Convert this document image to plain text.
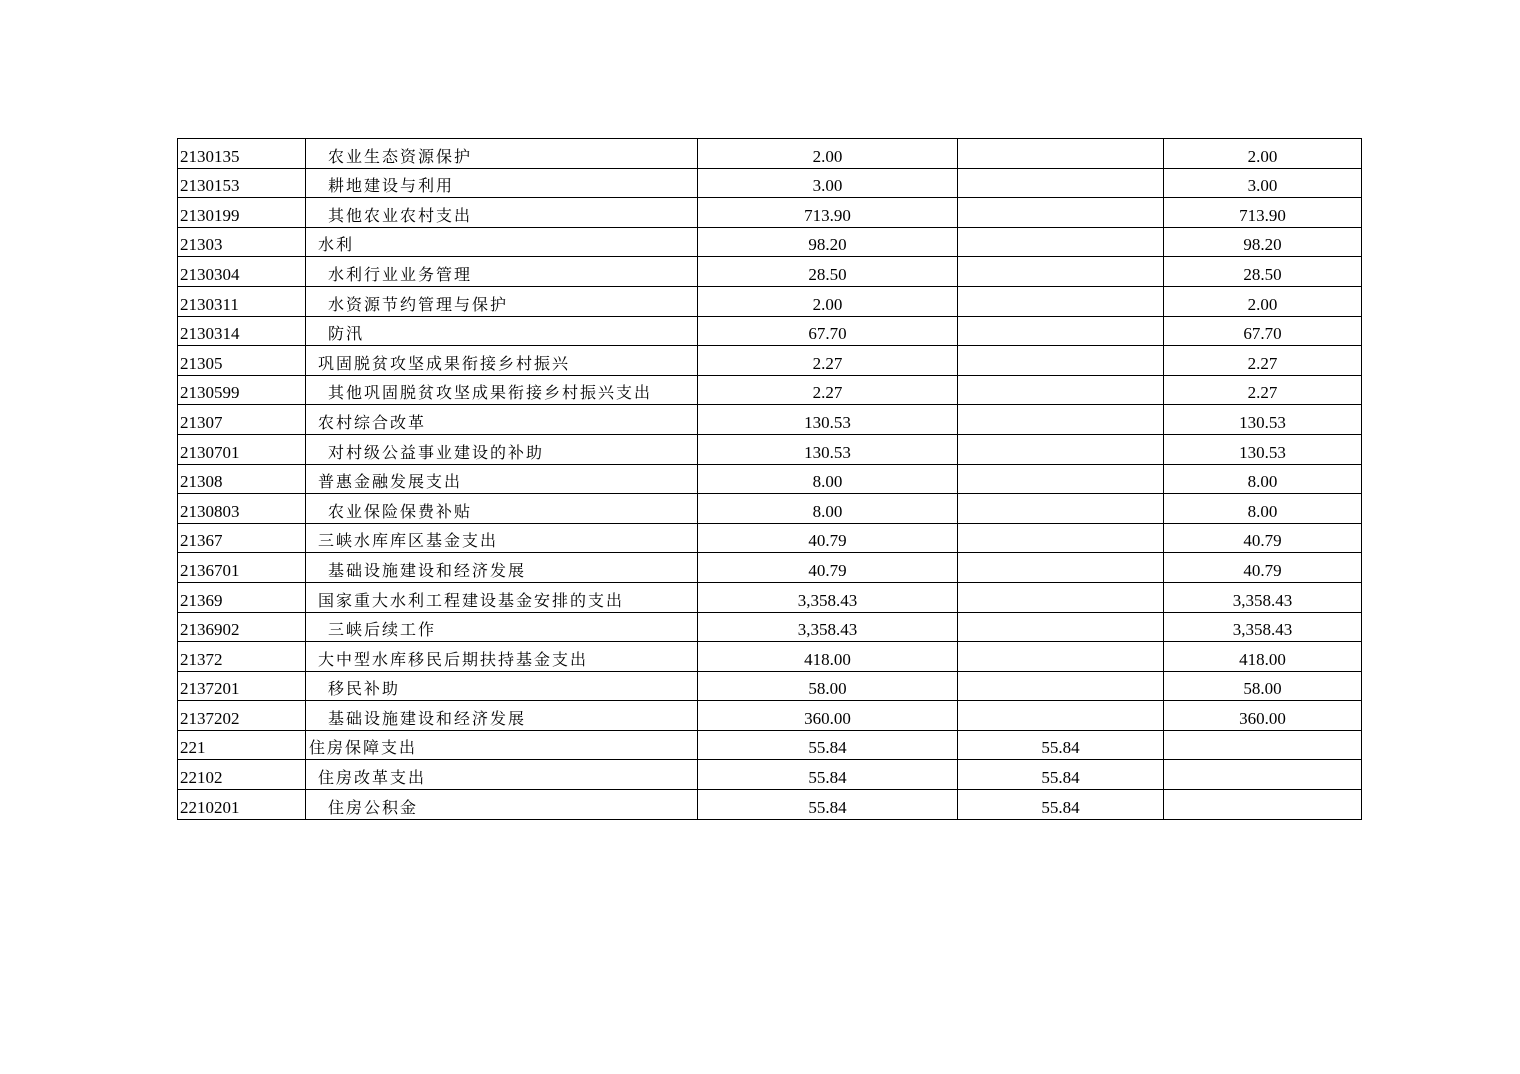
2130135	农业生态资源保护	2.00		2.00
2130153	耕地建设与利用	3.00		3.00
2130199	其他农业农村支出	713.90		713.90
21303	水利	98.20		98.20
2130304	水利行业业务管理	28.50		28.50
2130311	水资源节约管理与保护	2.00		2.00
2130314	防汛	67.70		67.70
21305	巩固脱贫攻坚成果衔接乡村振兴	2.27		2.27
2130599	其他巩固脱贫攻坚成果衔接乡村振兴支出	2.27		2.27
21307	农村综合改革	130.53		130.53
2130701	对村级公益事业建设的补助	130.53		130.53
21308	普惠金融发展支出	8.00		8.00
2130803	农业保险保费补贴	8.00		8.00
21367	三峡水库库区基金支出	40.79		40.79
2136701	基础设施建设和经济发展	40.79		40.79
21369	国家重大水利工程建设基金安排的支出	3,358.43		3,358.43
2136902	三峡后续工作	3,358.43		3,358.43
21372	大中型水库移民后期扶持基金支出	418.00		418.00
2137201	移民补助	58.00		58.00
2137202	基础设施建设和经济发展	360.00		360.00
221	住房保障支出	55.84	55.84	
22102	住房改革支出	55.84	55.84	
2210201	住房公积金	55.84	55.84	
